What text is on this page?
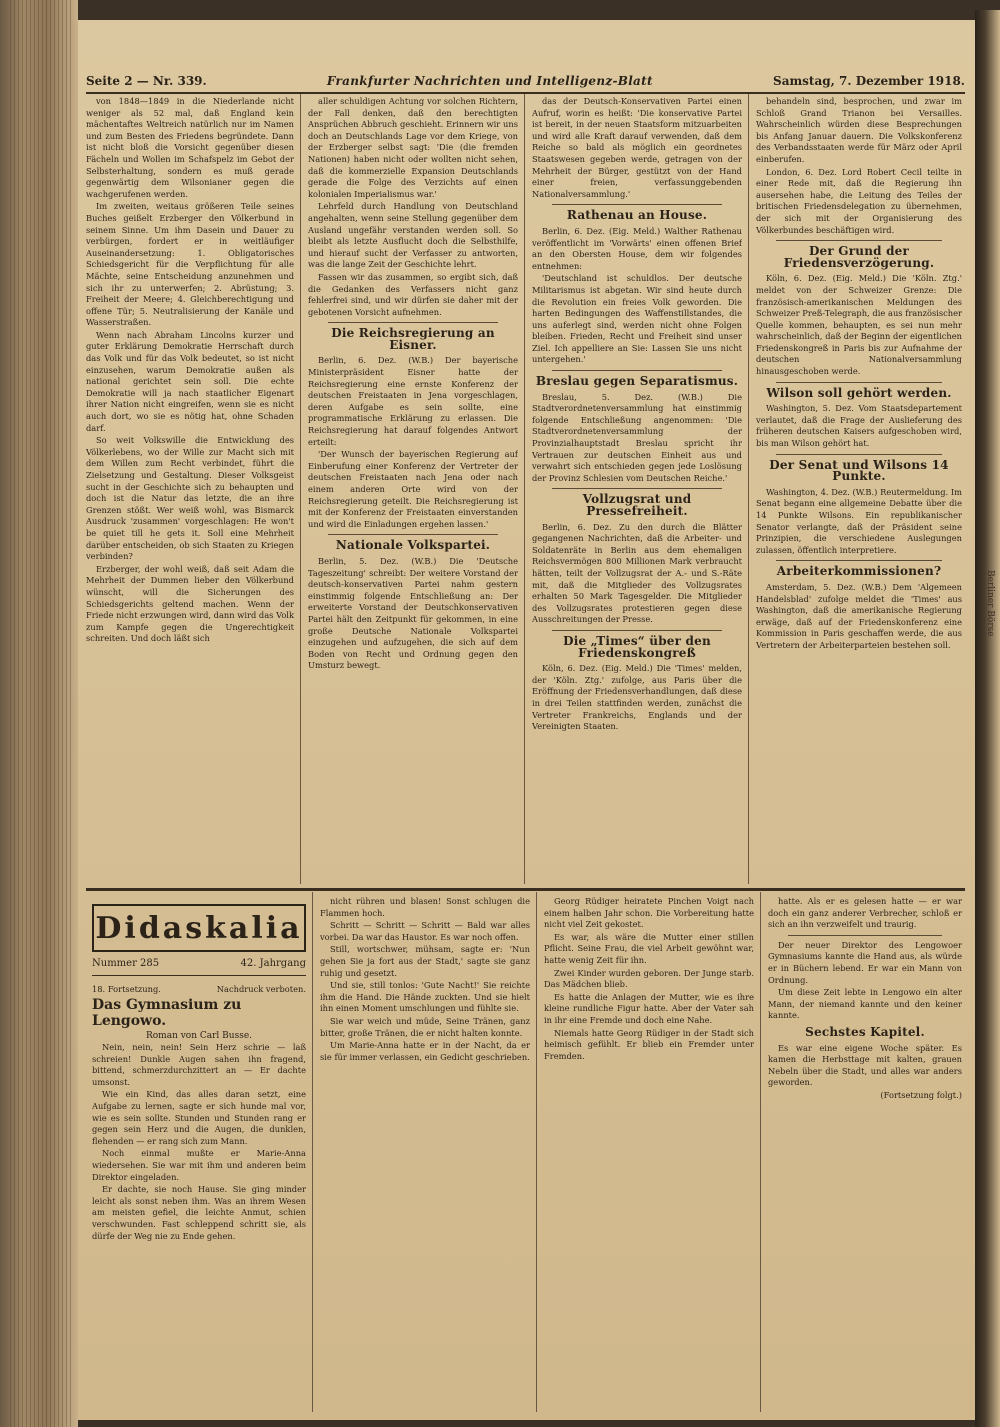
Seite 2 — Nr. 339.	Frankfurter Nachrichten und Intelligenz-Blatt	Samstag, 7. Dezember 1918.

von 1848—1849 in die Niederlande nicht weniger als 52 mal, daß England kein mächentaftes Weltreich natürlich nur im Namen und zum Besten des Friedens begründete. Dann ist nicht bloß die Vorsicht gegenüber diesen Fächeln und Wollen im Schafspelz im Gebot der Selbsterhaltung, sondern es muß gerade gegenwärtig dem Wilsonianer gegen die wachgerufenen werden.

Im zweiten, weitaus größeren Teile seines Buches geißelt Erzberger den Völkerbund in seinem Sinne. Um ihm Dasein und Dauer zu verbürgen, fordert er in weitläufiger Auseinandersetzung: 1. Obligatorisches Schiedsgericht für die Verpflichtung für alle Mächte, seine Entscheidung anzunehmen und sich ihr zu unterwerfen; 2. Abrüstung; 3. Freiheit der Meere; 4. Gleichberechtigung und offene Tür; 5. Neutralisierung der Kanäle und Wasserstraßen.

Wenn nach Abraham Lincolns kurzer und guter Erklärung Demokratie Herrschaft durch das Volk und für das Volk bedeutet, so ist nicht einzusehen, warum Demokratie außen als national gerichtet sein soll. Die echte Demokratie will ja nach staatlicher Eigenart ihrer Nation nicht eingreifen, wenn sie es nicht auch dort, wo sie es nötig hat, ohne Schaden darf.

So weit Volkswille die Entwicklung des Völkerlebens, wo der Wille zur Macht sich mit dem Willen zum Recht verbindet, führt die Zielsetzung und Gestaltung. Dieser Volksgeist sucht in der Geschichte sich zu behaupten und doch ist die Natur das letzte, die an ihre Grenzen stößt. Wer weiß wohl, was Bismarck Ausdruck 'zusammen' vorgeschlagen: He won't be quiet till he gets it. Soll eine Mehrheit darüber entscheiden, ob sich Staaten zu Kriegen verbinden?

Erzberger, der wohl weiß, daß seit Adam die Mehrheit der Dummen lieber den Völkerbund wünscht, will die Sicherungen des Schiedsgerichts geltend machen. Wenn der Friede nicht erzwungen wird, dann wird das Volk zum Kampfe gegen die Ungerechtigkeit schreiten. Und doch läßt sich

aller schuldigen Achtung vor solchen Richtern, der Fall denken, daß den berechtigten Ansprüchen Abbruch geschieht. Erinnern wir uns doch an Deutschlands Lage vor dem Kriege, von der Erzberger selbst sagt: 'Die (die fremden Nationen) haben nicht oder wollten nicht sehen, daß die kommerzielle Expansion Deutschlands gerade die Folge des Verzichts auf einen kolonialen Imperialismus war.'

Lehrfeld durch Handlung von Deutschland angehalten, wenn seine Stellung gegenüber dem Ausland ungefähr verstanden werden soll. So bleibt als letzte Ausflucht doch die Selbsthilfe, und hierauf sucht der Verfasser zu antworten, was die lange Zeit der Geschichte lehrt.

Fassen wir das zusammen, so ergibt sich, daß die Gedanken des Verfassers nicht ganz fehlerfrei sind, und wir dürfen sie daher mit der gebotenen Vorsicht aufnehmen.

Die Reichsregierung an Eisner.

Berlin, 6. Dez. (W.B.) Der bayerische Ministerpräsident Eisner hatte der Reichsregierung eine ernste Konferenz der deutschen Freistaaten in Jena vorgeschlagen, deren Aufgabe es sein sollte, eine programmatische Erklärung zu erlassen. Die Reichsregierung hat darauf folgendes Antwort erteilt:

'Der Wunsch der bayerischen Regierung auf Einberufung einer Konferenz der Vertreter der deutschen Freistaaten nach Jena oder nach einem anderen Orte wird von der Reichsregierung geteilt. Die Reichsregierung ist mit der Konferenz der Freistaaten einverstanden und wird die Einladungen ergehen lassen.'

Nationale Volkspartei.

Berlin, 5. Dez. (W.B.) Die 'Deutsche Tageszeitung' schreibt: Der weitere Vorstand der deutsch-konservativen Partei nahm gestern einstimmig folgende Entschließung an: Der erweiterte Vorstand der Deutschkonservativen Partei hält den Zeitpunkt für gekommen, in eine große Deutsche Nationale Volkspartei einzugehen und aufzugehen, die sich auf dem Boden von Recht und Ordnung gegen den Umsturz bewegt.

das der Deutsch-Konservativen Partei einen Aufruf, worin es heißt: 'Die konservative Partei ist bereit, in der neuen Staatsform mitzuarbeiten und wird alle Kraft darauf verwenden, daß dem Reiche so bald als möglich ein geordnetes Staatswesen gegeben werde, getragen von der Mehrheit der Bürger, gestützt von der Hand einer freien, verfassunggebenden Nationalversammlung.'

Rathenau an House.

Berlin, 6. Dez. (Eig. Meld.) Walther Rathenau veröffentlicht im 'Vorwärts' einen offenen Brief an den Obersten House, dem wir folgendes entnehmen:

'Deutschland ist schuldlos. Der deutsche Militarismus ist abgetan. Wir sind heute durch die Revolution ein freies Volk geworden. Die harten Bedingungen des Waffenstillstandes, die uns auferlegt sind, werden nicht ohne Folgen bleiben. Frieden, Recht und Freiheit sind unser Ziel. Ich appelliere an Sie: Lassen Sie uns nicht untergehen.'

Breslau gegen Separatismus.

Breslau, 5. Dez. (W.B.) Die Stadtverordnetenversammlung hat einstimmig folgende Entschließung angenommen: 'Die Stadtverordnetenversammlung der Provinzialhauptstadt Breslau spricht ihr Vertrauen zur deutschen Einheit aus und verwahrt sich entschieden gegen jede Loslösung der Provinz Schlesien vom Deutschen Reiche.'

Vollzugsrat und Pressefreiheit.

Berlin, 6. Dez. Zu den durch die Blätter gegangenen Nachrichten, daß die Arbeiter- und Soldatenräte in Berlin aus dem ehemaligen Reichsvermögen 800 Millionen Mark verbraucht hätten, teilt der Vollzugsrat der A.- und S.-Räte mit, daß die Mitglieder des Vollzugsrates erhalten 50 Mark Tagesgelder. Die Mitglieder des Vollzugsrates protestieren gegen diese Ausschreitungen der Presse.

Die „Times“ über den Friedenskongreß

Köln, 6. Dez. (Eig. Meld.) Die 'Times' melden, der 'Köln. Ztg.' zufolge, aus Paris über die Eröffnung der Friedensverhandlungen, daß diese in drei Teilen stattfinden werden, zunächst die Vertreter Frankreichs, Englands und der Vereinigten Staaten.

behandeln sind, besprochen, und zwar im Schloß Grand Trianon bei Versailles. Wahrscheinlich würden diese Besprechungen bis Anfang Januar dauern. Die Volkskonferenz des Verbandsstaaten werde für März oder April einberufen.

London, 6. Dez. Lord Robert Cecil teilte in einer Rede mit, daß die Regierung ihn ausersehen habe, die Leitung des Teiles der britischen Friedensdelegation zu übernehmen, der sich mit der Organisierung des Völkerbundes beschäftigen wird.

Der Grund der Friedensverzögerung.

Köln, 6. Dez. (Eig. Meld.) Die 'Köln. Ztg.' meldet von der Schweizer Grenze: Die französisch-amerikanischen Meldungen des Schweizer Preß-Telegraph, die aus französischer Quelle kommen, behaupten, es sei nun mehr wahrscheinlich, daß der Beginn der eigentlichen Friedenskongreß in Paris bis zur Aufnahme der deutschen Nationalversammlung hinausgeschoben werde.

Wilson soll gehört werden.

Washington, 5. Dez. Vom Staatsdepartement verlautet, daß die Frage der Auslieferung des früheren deutschen Kaisers aufgeschoben wird, bis man Wilson gehört hat.

Der Senat und Wilsons 14 Punkte.

Washington, 4. Dez. (W.B.) Reutermeldung. Im Senat begann eine allgemeine Debatte über die 14 Punkte Wilsons. Ein republikanischer Senator verlangte, daß der Präsident seine Prinzipien, die verschiedene Auslegungen zulassen, öffentlich interpretiere.

Arbeiterkommissionen?

Amsterdam, 5. Dez. (W.B.) Dem 'Algemeen Handelsblad' zufolge meldet die 'Times' aus Washington, daß die amerikanische Regierung erwäge, daß auf der Friedenskonferenz eine Kommission in Paris geschaffen werde, die aus Vertretern der Arbeiterparteien bestehen soll.

Didaskalia
Nummer 285	42. Jahrgang
18. Fortsetzung.	Nachdruck verboten.
Das Gymnasium zu Lengowo.
Roman von Carl Busse.

Nein, nein, nein! Sein Herz schrie — laß schreien! Dunkle Augen sahen ihn fragend, bittend, schmerzdurchzittert an — Er dachte umsonst.

Wie ein Kind, das alles daran setzt, eine Aufgabe zu lernen, sagte er sich hunde mal vor, wie es sein sollte. Stunden und Stunden rang er gegen sein Herz und die Augen, die dunklen, flehenden — er rang sich zum Mann.

Noch einmal mußte er Marie-Anna wiedersehen. Sie war mit ihm und anderen beim Direktor eingeladen.

Er dachte, sie noch Hause. Sie ging minder leicht als sonst neben ihm. Was an ihrem Wesen am meisten gefiel, die leichte Anmut, schien verschwunden. Fast schleppend schritt sie, als dürfe der Weg nie zu Ende gehen.

nicht rühren und blasen! Sonst schlugen die Flammen hoch.

Schritt — Schritt — Schritt — Bald war alles vorbei. Da war das Haustor. Es war noch offen.

Still, wortschwer, mühsam, sagte er: 'Nun gehen Sie ja fort aus der Stadt,' sagte sie ganz ruhig und gesetzt.

Und sie, still tonlos: 'Gute Nacht!' Sie reichte ihm die Hand. Die Hände zuckten. Und sie hielt ihn einen Moment umschlungen und fühlte sie.

Sie war weich und müde, Seine Tränen, ganz bitter, große Tränen, die er nicht halten konnte.

Um Marie-Anna hatte er in der Nacht, da er sie für immer verlassen, ein Gedicht geschrieben.

Georg Rüdiger heiratete Pinchen Voigt nach einem halben Jahr schon. Die Vorbereitung hatte nicht viel Zeit gekostet.

Es war, als wäre die Mutter einer stillen Pflicht. Seine Frau, die viel Arbeit gewöhnt war, hatte wenig Zeit für ihn.

Zwei Kinder wurden geboren. Der Junge starb. Das Mädchen blieb.

Es hatte die Anlagen der Mutter, wie es ihre kleine rundliche Figur hatte. Aber der Vater sah in ihr eine Fremde und doch eine Nahe.

Niemals hatte Georg Rüdiger in der Stadt sich heimisch gefühlt. Er blieb ein Fremder unter Fremden.

hatte. Als er es gelesen hatte — er war doch ein ganz anderer Verbrecher, schloß er sich an ihn verzweifelt und traurig.

Der neuer Direktor des Lengowoer Gymnasiums kannte die Hand aus, als würde er in Büchern lebend. Er war ein Mann von Ordnung.

Um diese Zeit lebte in Lengowo ein alter Mann, der niemand kannte und den keiner kannte.

Sechstes Kapitel.

Es war eine eigene Woche später. Es kamen die Herbsttage mit kalten, grauen Nebeln über die Stadt, und alles war anders geworden.

(Fortsetzung folgt.)

Berliner Börse
